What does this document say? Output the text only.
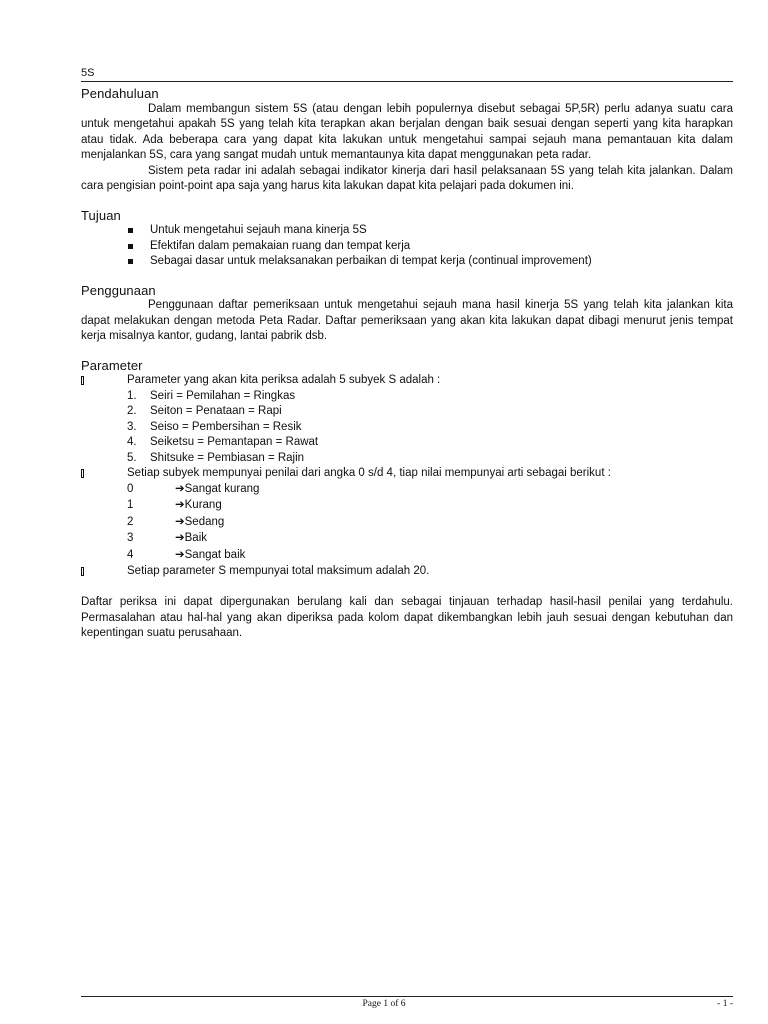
5S
Pendahuluan

Dalam membangun sistem 5S (atau dengan lebih populernya disebut sebagai 5P,5R) perlu adanya suatu cara untuk mengetahui apakah 5S yang telah kita terapkan akan berjalan dengan baik sesuai dengan seperti yang kita harapkan atau tidak. Ada beberapa cara yang dapat kita lakukan untuk mengetahui sampai sejauh mana pemantauan kita dalam menjalankan 5S, cara yang sangat mudah untuk memantaunya kita dapat menggunakan peta radar.

Sistem peta radar ini adalah sebagai indikator kinerja dari hasil pelaksanaan 5S yang telah kita jalankan. Dalam cara pengisian point-point apa saja yang harus kita lakukan dapat kita pelajari pada dokumen ini.

Tujuan
Untuk mengetahui sejauh mana kinerja 5S
Efektifan dalam pemakaian ruang dan tempat kerja
Sebagai dasar untuk melaksanakan perbaikan di tempat kerja (continual improvement)
Penggunaan

Penggunaan daftar pemeriksaan untuk mengetahui sejauh mana hasil kinerja 5S yang telah kita jalankan kita dapat melakukan dengan metoda Peta Radar. Daftar pemeriksaan yang akan kita lakukan dapat dibagi menurut jenis tempat kerja misalnya kantor, gudang, lantai pabrik dsb.

Parameter
Parameter yang akan kita periksa adalah 5 subyek S adalah :
1. Seiri = Pemilahan = Ringkas
2. Seiton = Penataan = Rapi
3. Seiso = Pembersihan = Resik
4. Seiketsu = Pemantapan = Rawat
5. Shitsuke = Pembiasan = Rajin
Setiap subyek mempunyai penilai dari angka 0 s/d 4, tiap nilai mempunyai arti sebagai berikut :
0	➔Sangat kurang
1	➔Kurang
2	➔Sedang
3	➔Baik
4	➔Sangat baik
Setiap parameter S mempunyai total maksimum adalah 20.

Daftar periksa ini dapat dipergunakan berulang kali dan sebagai tinjauan terhadap hasil-hasil penilai yang terdahulu. Permasalahan atau hal-hal yang akan diperiksa pada kolom dapat dikembangkan lebih jauh sesuai dengan kebutuhan dan kepentingan suatu perusahaan.

Page 1 of 6	- 1 -
